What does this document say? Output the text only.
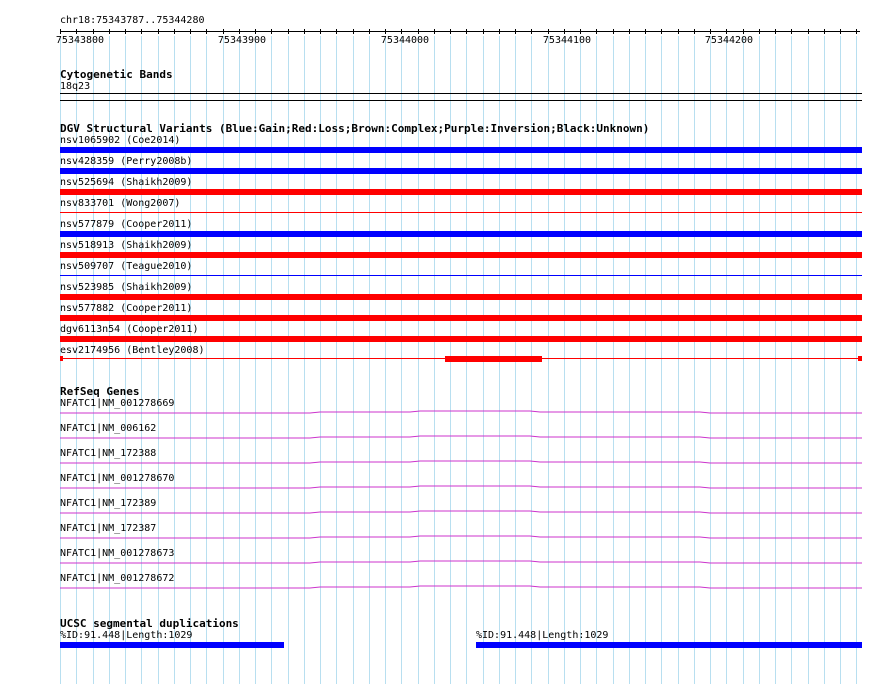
chr18:75343787..75344280
75343800	75343900	75344000	75344100	75344200
Cytogenetic Bands
18q23
DGV Structural Variants (Blue:Gain;Red:Loss;Brown:Complex;Purple:Inversion;Black:Unknown)
nsv1065902 (Coe2014)
nsv428359 (Perry2008b)
nsv525694 (Shaikh2009)
nsv833701 (Wong2007)
nsv577879 (Cooper2011)
nsv518913 (Shaikh2009)
nsv509707 (Teague2010)
nsv523985 (Shaikh2009)
nsv577882 (Cooper2011)
dgv6113n54 (Cooper2011)
esv2174956 (Bentley2008)
RefSeq Genes
NFATC1|NM_001278669
NFATC1|NM_006162
NFATC1|NM_172388
NFATC1|NM_001278670
NFATC1|NM_172389
NFATC1|NM_172387
NFATC1|NM_001278673
NFATC1|NM_001278672
UCSC segmental duplications
%ID:91.448|Length:1029	%ID:91.448|Length:1029
